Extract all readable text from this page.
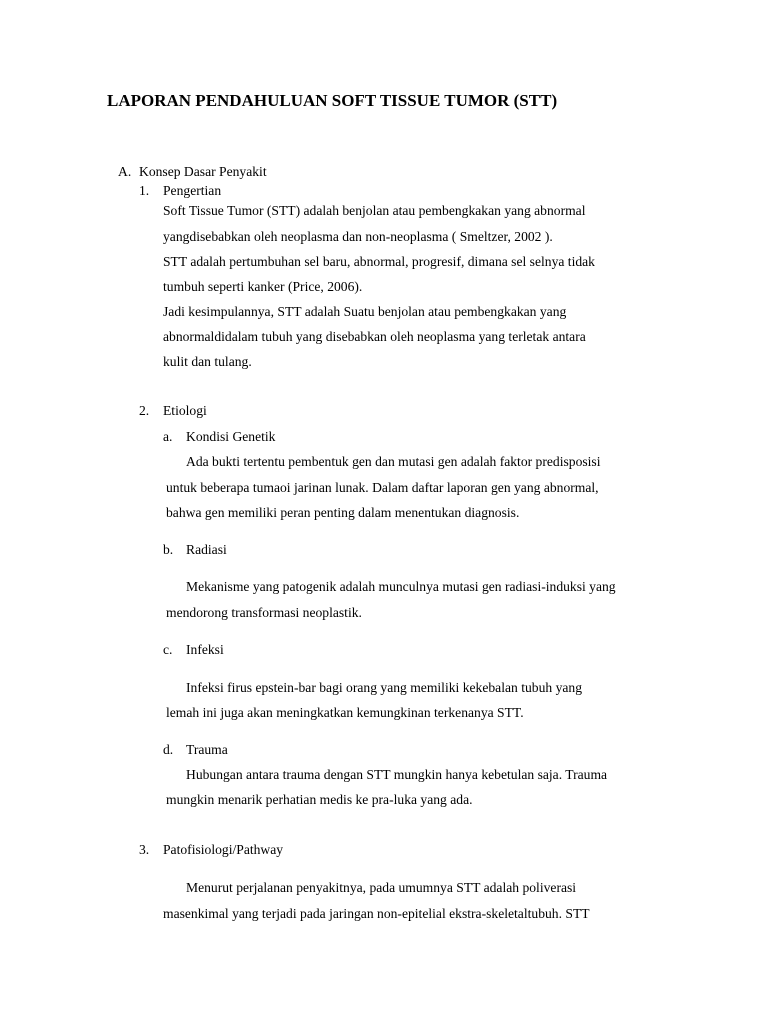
LAPORAN PENDAHULUAN SOFT TISSUE TUMOR (STT)
A. Konsep Dasar Penyakit
1. Pengertian
Soft Tissue Tumor (STT) adalah benjolan atau pembengkakan yang abnormal
yangdisebabkan oleh neoplasma dan non-neoplasma ( Smeltzer, 2002 ).
STT adalah pertumbuhan sel baru, abnormal, progresif, dimana sel selnya tidak
tumbuh seperti kanker (Price, 2006).
Jadi kesimpulannya, STT adalah Suatu benjolan atau pembengkakan yang
abnormaldidalam tubuh yang disebabkan oleh neoplasma yang terletak antara
kulit dan tulang.
2. Etiologi
a. Kondisi Genetik
Ada bukti tertentu pembentuk gen dan mutasi gen adalah faktor predisposisi
untuk beberapa tumaoi jarinan lunak. Dalam daftar laporan gen yang abnormal,
bahwa gen memiliki peran penting dalam menentukan diagnosis.
b. Radiasi
Mekanisme yang patogenik adalah munculnya mutasi gen radiasi-induksi yang
mendorong transformasi neoplastik.
c. Infeksi
Infeksi firus epstein-bar bagi orang yang memiliki kekebalan tubuh yang
lemah ini juga akan meningkatkan kemungkinan terkenanya STT.
d. Trauma
Hubungan antara trauma dengan STT mungkin hanya kebetulan saja. Trauma
mungkin menarik perhatian medis ke pra-luka yang ada.
3. Patofisiologi/Pathway
Menurut perjalanan penyakitnya, pada umumnya STT adalah poliverasi
masenkimal yang terjadi pada jaringan non-epitelial ekstra-skeletaltubuh. STT
